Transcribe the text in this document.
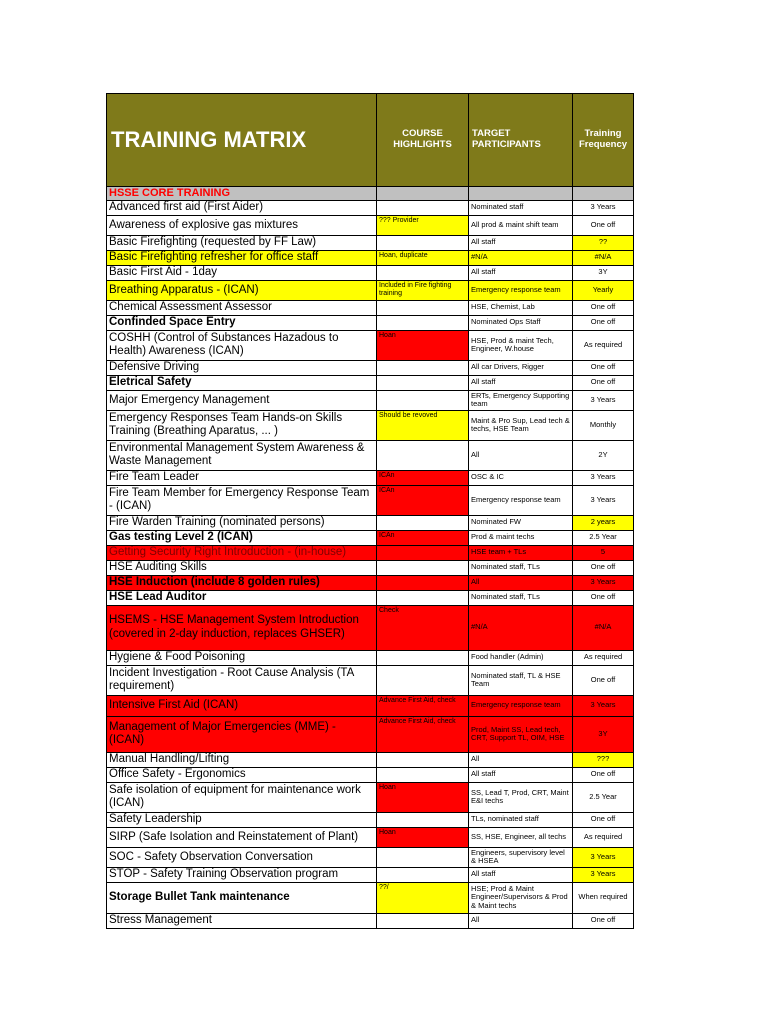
TRAINING MATRIX	COURSE HIGHLIGHTS	TARGET PARTICIPANTS	Training Frequency
HSSE CORE TRAINING			
Advanced first aid (First Aider)		Nominated staff	3 Years
Awareness of explosive gas mixtures	??? Provider	All prod & maint shift team	One off
Basic Firefighting (requested by FF Law)		All staff	??
Basic Firefighting refresher for office staff	Hoan, duplicate	#N/A	#N/A
Basic First Aid - 1day		All staff	3Y
Breathing Apparatus - (ICAN)	Included in Fire fighting training	Emergency response team	Yearly
Chemical Assessment Assessor		HSE, Chemist, Lab	One off
Confinded Space Entry		Nominated Ops Staff	One off
COSHH (Control of Substances Hazadous to Health) Awareness (ICAN)	Hoan	HSE, Prod & maint Tech, Engineer, W.house	As required
Defensive Driving		All car Drivers, Rigger	One off
Eletrical Safety		All staff	One off
Major Emergency Management		ERTs, Emergency Supporting team	3 Years
Emergency Responses Team Hands-on Skills Training (Breathing Aparatus, ... )	Should be revoved	Maint & Pro Sup, Lead tech & techs, HSE Team	Monthly
Environmental Management System Awareness & Waste Management		All	2Y
Fire Team Leader	ICAn	OSC & IC	3 Years
Fire Team Member for Emergency Response Team - (ICAN)	ICAn	Emergency response team	3 Years
Fire Warden Training (nominated persons)		Nominated FW	2 years
Gas testing Level 2 (ICAN)	ICAn	Prod & maint techs	2.5 Year
Getting Security Right Introduction - (in-house)		HSE team + TLs	5
HSE Auditing Skills		Nominated staff, TLs	One off
HSE Induction (include 8 golden rules)		All	3 Years
HSE Lead Auditor		Nominated staff, TLs	One off
HSEMS - HSE Management System Introduction (covered in 2-day induction, replaces GHSER)	Check	#N/A	#N/A
Hygiene & Food Poisoning		Food handler (Admin)	As required
Incident Investigation - Root Cause Analysis (TA requirement)		Nominated staff, TL & HSE Team	One off
Intensive First Aid (ICAN)	Advance First Aid, check	Emergency response team	3 Years
Management of Major Emergencies (MME) - (ICAN)	Advance First Aid, check	Prod, Maint SS, Lead tech, CRT, Support TL, OIM, HSE	3Y
Manual Handling/Lifting		All	???
Office Safety - Ergonomics		All staff	One off
Safe isolation of equipment for maintenance work (ICAN)	Hoan	SS, Lead T, Prod, CRT, Maint E&I techs	2.5 Year
Safety Leadership		TLs, nominated staff	One off
SIRP (Safe Isolation and Reinstatement of Plant)	Hoan	SS, HSE, Engineer, all techs	As required
SOC - Safety Observation Conversation		Engineers, supervisory level & HSEA	3 Years
STOP - Safety Training Observation program		All staff	3 Years
Storage Bullet Tank maintenance	??/	HSE; Prod & Maint Engineer/Supervisors & Prod & Maint techs	When required
Stress Management		All	One off
